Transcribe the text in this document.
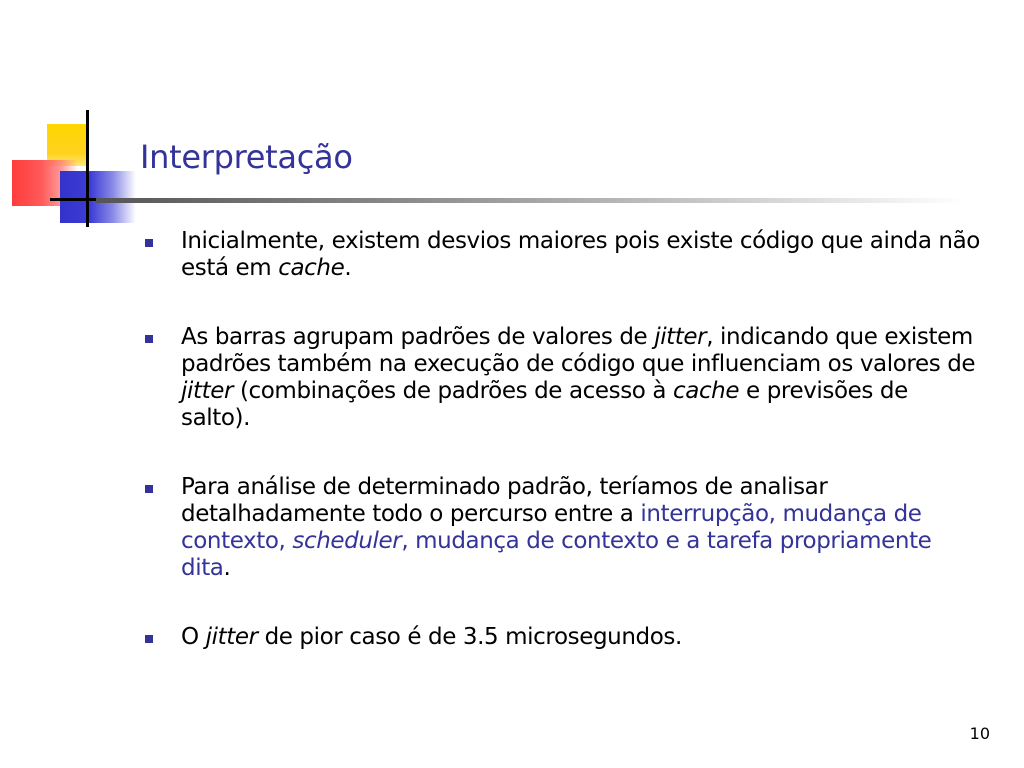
Interpretação
Inicialmente, existem desvios maiores pois existe código que ainda não está em cache.
As barras agrupam padrões de valores de jitter, indicando que existem padrões também na execução de código que influenciam os valores de jitter (combinações de padrões de acesso à cache e previsões de salto).
Para análise de determinado padrão, teríamos de analisar detalhadamente todo o percurso entre a interrupção, mudança de contexto, scheduler, mudança de contexto e a tarefa propriamente dita.
O jitter de pior caso é de 3.5 microsegundos.
10
